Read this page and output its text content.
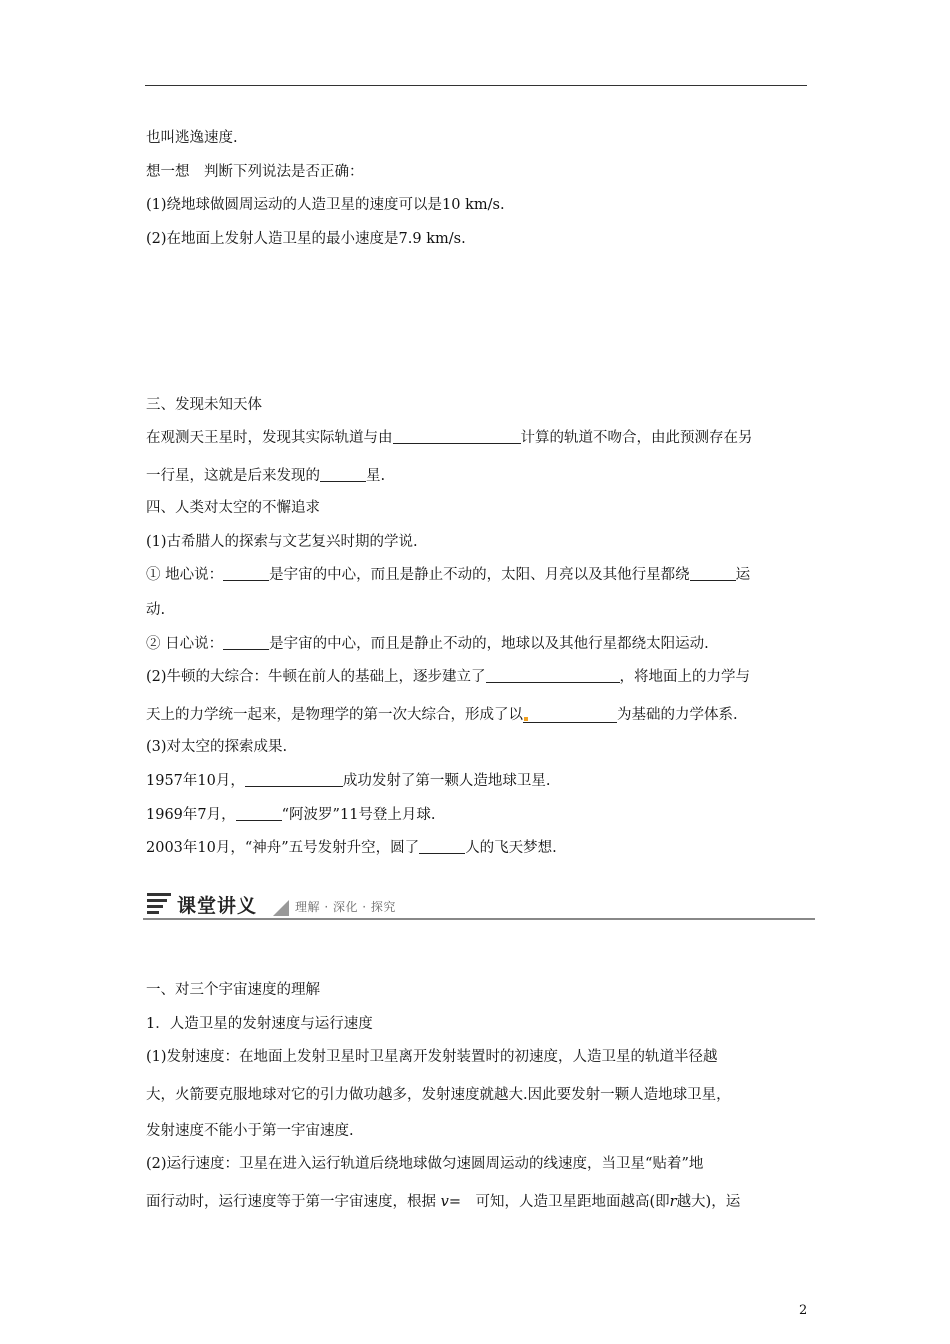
也叫逃逸速度.
想一想　判断下列说法是否正确：
(1)绕地球做圆周运动的人造卫星的速度可以是10 km/s.
(2)在地面上发射人造卫星的最小速度是7.9 km/s.
三、发现未知天体
在观测天王星时，发现其实际轨道与由	计算的轨道不吻合，由此预测存在另
一行星，这就是后来发现的	星.
四、人类对太空的不懈追求
(1)古希腊人的探索与文艺复兴时期的学说.
① 地心说：	是宇宙的中心，而且是静止不动的，太阳、月亮以及其他行星都绕	运
动.
② 日心说：	是宇宙的中心，而且是静止不动的，地球以及其他行星都绕太阳运动.
(2)牛顿的大综合：牛顿在前人的基础上，逐步建立了	，将地面上的力学与
天上的力学统一起来，是物理学的第一次大综合，形成了以	为基础的力学体系.
(3)对太空的探索成果.
1957年10月，	成功发射了第一颗人造地球卫星.
1969年7月，	“阿波罗”11号登上月球.
2003年10月，“神舟”五号发射升空，圆了	人的飞天梦想.
课堂讲义	理解 · 深化 · 探究
一、对三个宇宙速度的理解
1．人造卫星的发射速度与运行速度
(1)发射速度：在地面上发射卫星时卫星离开发射装置时的初速度，人造卫星的轨道半径越
大，火箭要克服地球对它的引力做功越多，发射速度就越大.因此要发射一颗人造地球卫星，
发射速度不能小于第一宇宙速度.
(2)运行速度：卫星在进入运行轨道后绕地球做匀速圆周运动的线速度，当卫星“贴着”地
面行动时，运行速度等于第一宇宙速度，根据 v=　可知，人造卫星距地面越高(即r越大)，运
2
